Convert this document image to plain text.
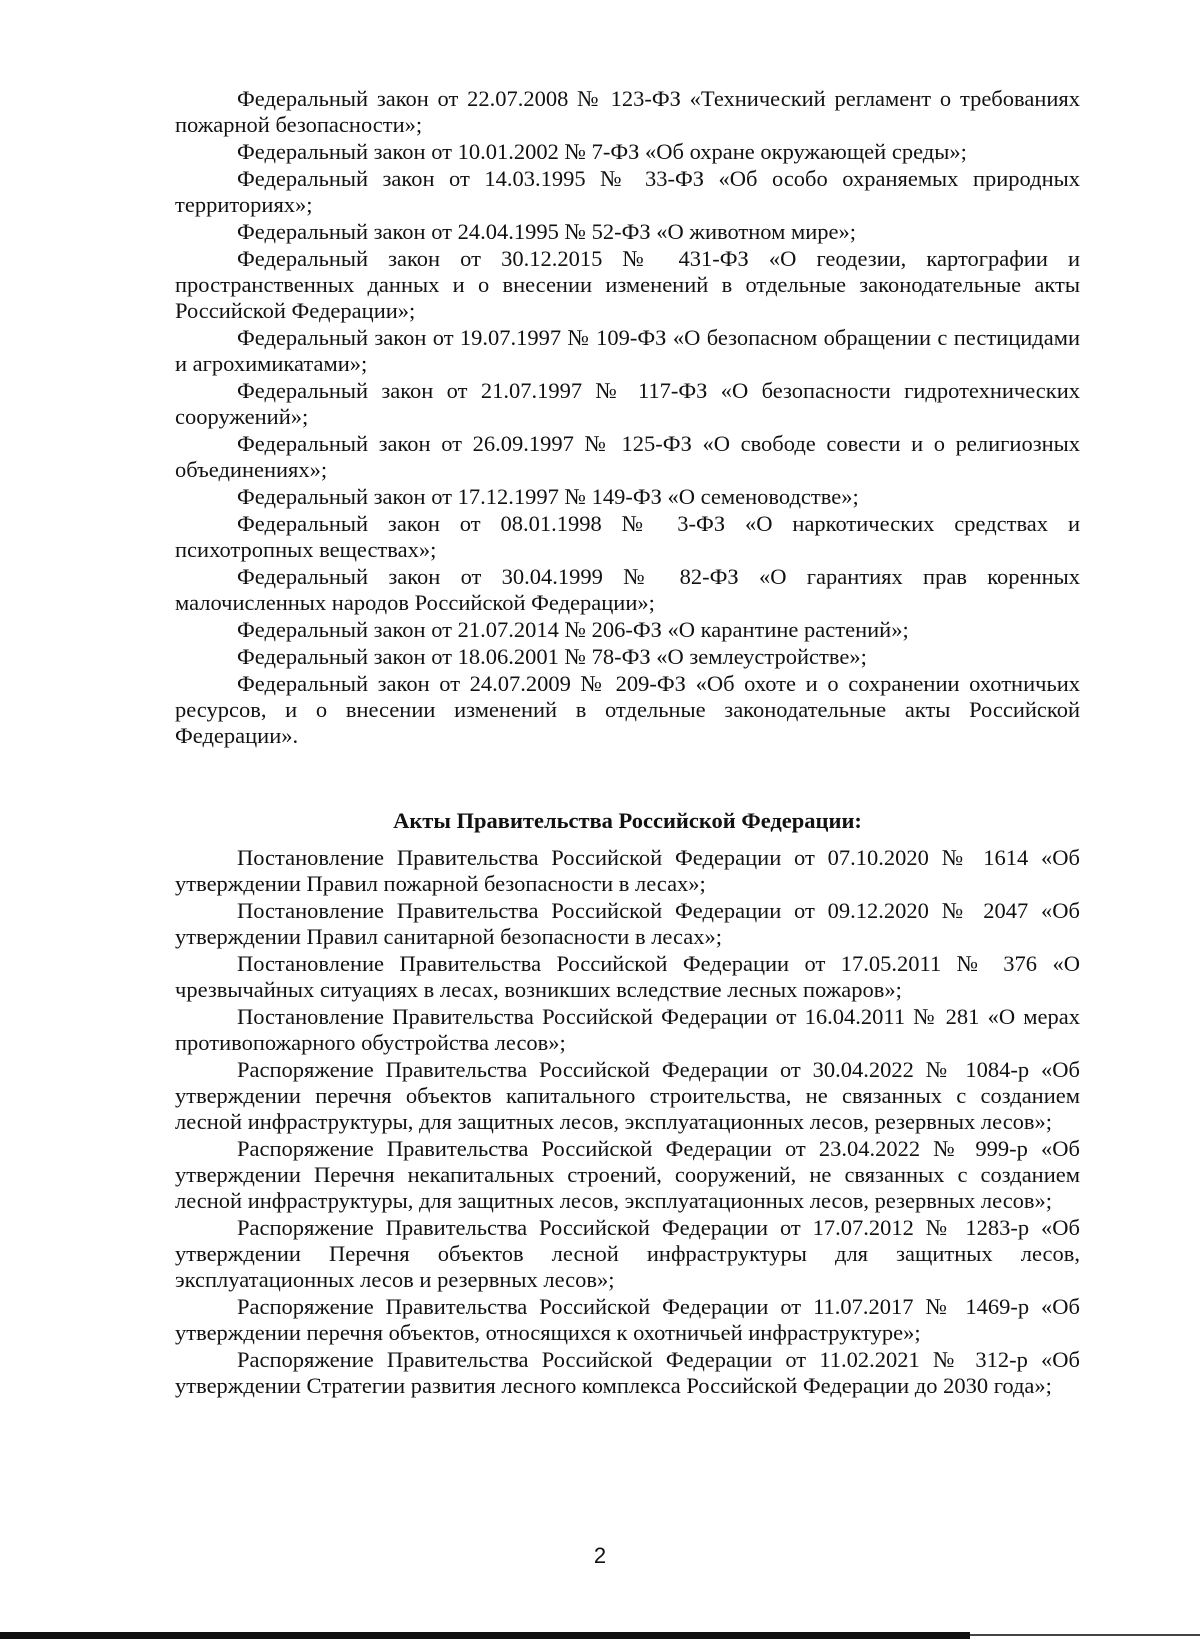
Федеральный закон от 22.07.2008 № 123-ФЗ «Технический регламент о требованиях пожарной безопасности»;

Федеральный закон от 10.01.2002 № 7-ФЗ «Об охране окружающей среды»;

Федеральный закон от 14.03.1995 № 33-ФЗ «Об особо охраняемых природных территориях»;

Федеральный закон от 24.04.1995 № 52-ФЗ «О животном мире»;

Федеральный закон от 30.12.2015 № 431-ФЗ «О геодезии, картографии и пространственных данных и о внесении изменений в отдельные законодательные акты Российской Федерации»;

Федеральный закон от 19.07.1997 № 109-ФЗ «О безопасном обращении с пестицидами и агрохимикатами»;

Федеральный закон от 21.07.1997 № 117-ФЗ «О безопасности гидротехнических сооружений»;

Федеральный закон от 26.09.1997 № 125-ФЗ «О свободе совести и о религиозных объединениях»;

Федеральный закон от 17.12.1997 № 149-ФЗ «О семеноводстве»;

Федеральный закон от 08.01.1998 № 3-ФЗ «О наркотических средствах и психотропных веществах»;

Федеральный закон от 30.04.1999 № 82-ФЗ «О гарантиях прав коренных малочисленных народов Российской Федерации»;

Федеральный закон от 21.07.2014 № 206-ФЗ «О карантине растений»;

Федеральный закон от 18.06.2001 № 78-ФЗ «О землеустройстве»;

Федеральный закон от 24.07.2009 № 209-ФЗ «Об охоте и о сохранении охотничьих ресурсов, и о внесении изменений в отдельные законодательные акты Российской Федерации».

Акты Правительства Российской Федерации:

Постановление Правительства Российской Федерации от 07.10.2020 № 1614 «Об утверждении Правил пожарной безопасности в лесах»;

Постановление Правительства Российской Федерации от 09.12.2020 № 2047 «Об утверждении Правил санитарной безопасности в лесах»;

Постановление Правительства Российской Федерации от 17.05.2011 № 376 «О чрезвычайных ситуациях в лесах, возникших вследствие лесных пожаров»;

Постановление Правительства Российской Федерации от 16.04.2011 № 281 «О мерах противопожарного обустройства лесов»;

Распоряжение Правительства Российской Федерации от 30.04.2022 № 1084-р «Об утверждении перечня объектов капитального строительства, не связанных с созданием лесной инфраструктуры, для защитных лесов, эксплуатационных лесов, резервных лесов»;

Распоряжение Правительства Российской Федерации от 23.04.2022 № 999-р «Об утверждении Перечня некапитальных строений, сооружений, не связанных с созданием лесной инфраструктуры, для защитных лесов, эксплуатационных лесов, резервных лесов»;

Распоряжение Правительства Российской Федерации от 17.07.2012 № 1283-р «Об утверждении Перечня объектов лесной инфраструктуры для защитных лесов, эксплуатационных лесов и резервных лесов»;

Распоряжение Правительства Российской Федерации от 11.07.2017 № 1469-р «Об утверждении перечня объектов, относящихся к охотничьей инфраструктуре»;

Распоряжение Правительства Российской Федерации от 11.02.2021 № 312-р «Об утверждении Стратегии развития лесного комплекса Российской Федерации до 2030 года»;

2
